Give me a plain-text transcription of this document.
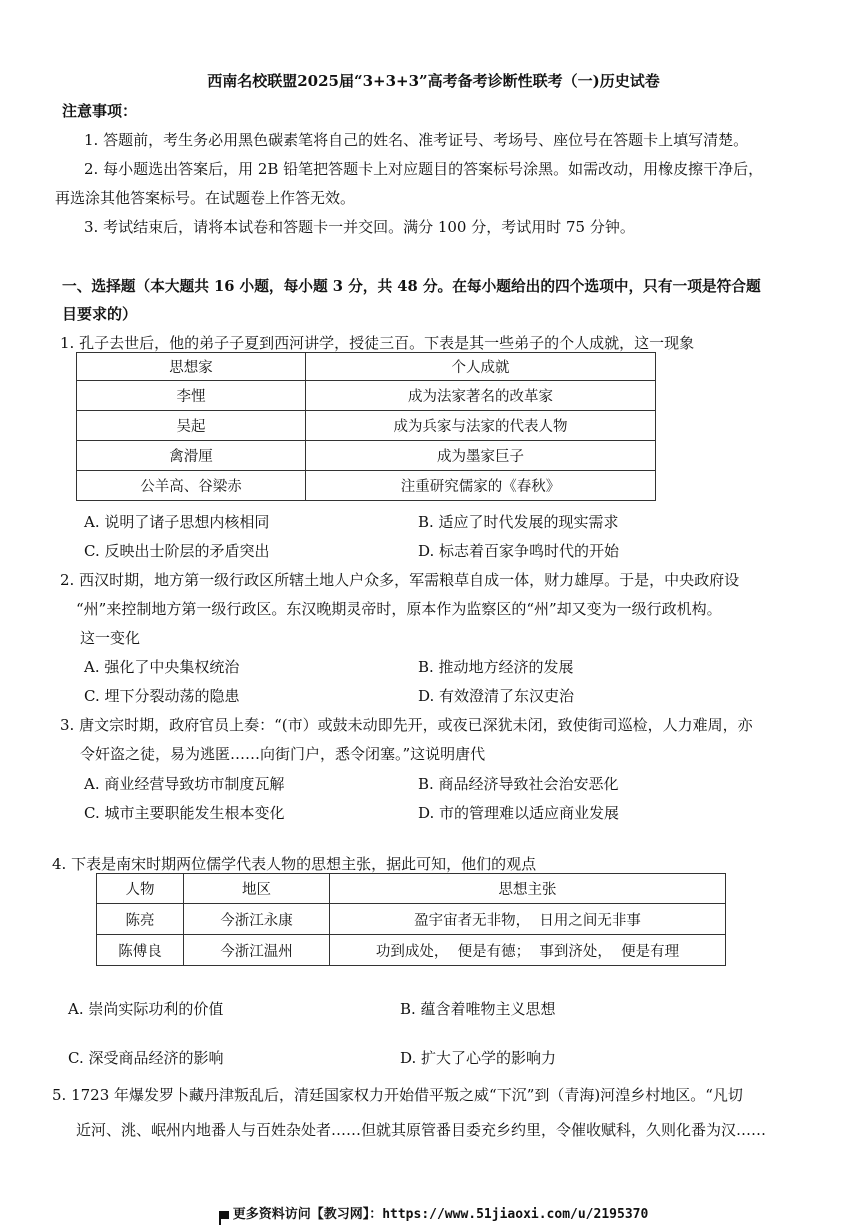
西南名校联盟2025届“3+3+3”高考备考诊断性联考（一)历史试卷
注意事项：
1. 答题前，考生务必用黑色碳素笔将自己的姓名、准考证号、考场号、座位号在答题卡上填写清楚。
2. 每小题选出答案后，用 2B 铅笔把答题卡上对应题目的答案标号涂黑。如需改动，用橡皮擦干净后，
再选涂其他答案标号。在试题卷上作答无效。
3. 考试结束后，请将本试卷和答题卡一并交回。满分 100 分，考试用时 75 分钟。
一、选择题（本大题共 16 小题，每小题 3 分，共 48 分。在每小题给出的四个选项中，只有一项是符合题
目要求的）
1. 孔子去世后，他的弟子子夏到西河讲学，授徒三百。下表是其一些弟子的个人成就，这一现象
思想家	个人成就
李悝	成为法家著名的改革家
吴起	成为兵家与法家的代表人物
禽滑厘	成为墨家巨子
公羊高、谷梁赤	注重研究儒家的《春秋》
A. 说明了诸子思想内核相同	B. 适应了时代发展的现实需求
C. 反映出士阶层的矛盾突出	D. 标志着百家争鸣时代的开始
2. 西汉时期，地方第一级行政区所辖土地人户众多，军需粮草自成一体，财力雄厚。于是，中央政府设
“州”来控制地方第一级行政区。东汉晚期灵帝时，原本作为监察区的“州”却又变为一级行政机构。
这一变化
A. 强化了中央集权统治	B. 推动地方经济的发展
C. 埋下分裂动荡的隐患	D. 有效澄清了东汉吏治
3. 唐文宗时期，政府官员上奏：“(市）或鼓未动即先开，或夜已深犹未闭，致使街司巡检，人力难周，亦
令奸盗之徒，易为逃匿……向街门户，悉令闭塞。”这说明唐代
A. 商业经营导致坊市制度瓦解	B. 商品经济导致社会治安恶化
C. 城市主要职能发生根本变化	D. 市的管理难以适应商业发展
4. 下表是南宋时期两位儒学代表人物的思想主张，据此可知，他们的观点
人物	地区	思想主张
陈亮	今浙江永康	盈宇宙者无非物，  日用之间无非事
陈傅良	今浙江温州	功到成处，  便是有德；  事到济处，  便是有理
A. 崇尚实际功利的价值	B. 蕴含着唯物主义思想
C. 深受商品经济的影响	D. 扩大了心学的影响力
5. 1723 年爆发罗卜藏丹津叛乱后，清廷国家权力开始借平叛之威“下沉”到（青海)河湟乡村地区。“凡切
近河、洮、岷州内地番人与百姓杂处者……但就其原管番目委充乡约里，令催收赋科，久则化番为汉……
更多资料访问【教习网】：https://www.51jiaoxi.com/u/2195370
